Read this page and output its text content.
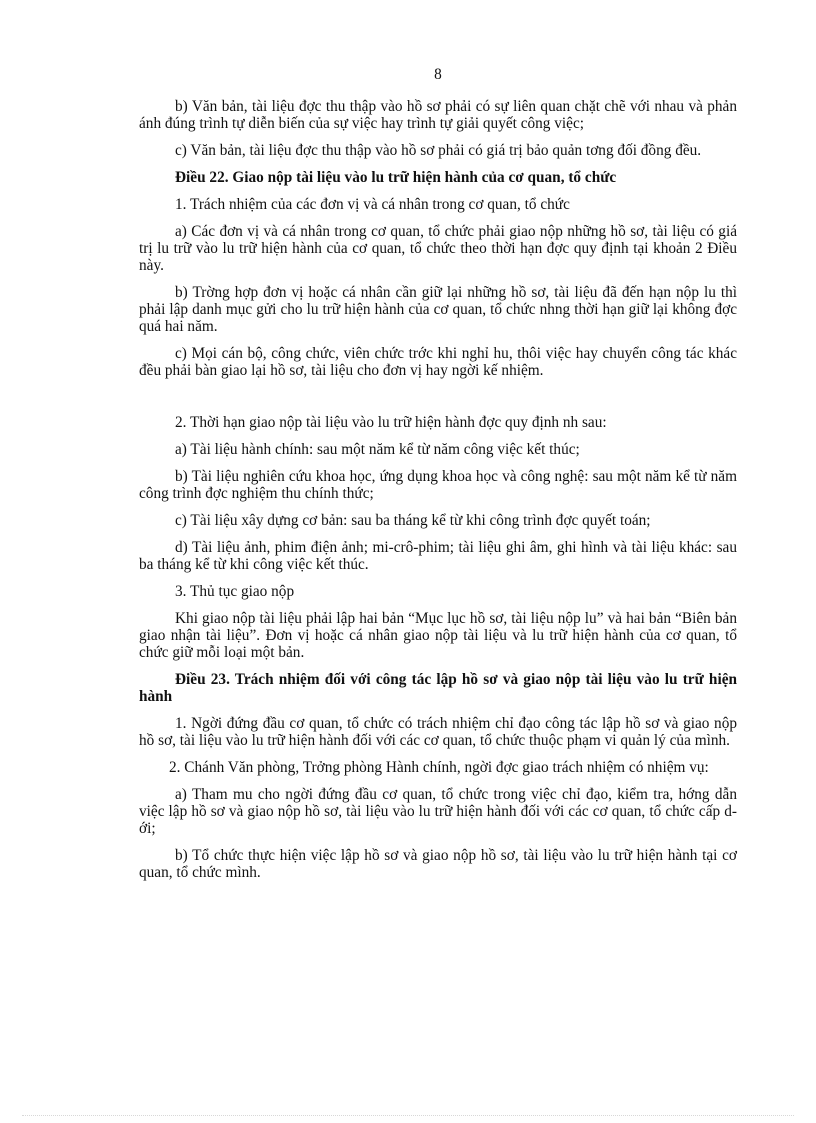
8

b) Văn bản, tài liệu đợc thu thập vào hồ sơ phải có sự liên quan chặt chẽ với nhau và phản ánh đúng trình tự diễn biến của sự việc hay trình tự giải quyết công việc;

c) Văn bản, tài liệu đợc thu thập vào hồ sơ phải có giá trị bảo quản tơng đối đồng đều.

Điều 22. Giao nộp tài liệu vào lu trữ hiện hành của cơ quan, tổ chức

1. Trách nhiệm của các đơn vị và cá nhân trong cơ quan, tổ chức

a) Các đơn vị và cá nhân trong cơ quan, tổ chức phải giao nộp những hồ sơ, tài liệu có giá trị lu trữ vào lu trữ hiện hành của cơ quan, tổ chức theo thời hạn đợc quy định tại khoản 2 Điều này.

b) Trờng hợp đơn vị hoặc cá nhân cần giữ lại những hồ sơ, tài liệu đã đến hạn nộp lu thì phải lập danh mục gửi cho lu trữ hiện hành của cơ quan, tổ chức nhng thời hạn giữ lại không đợc quá hai năm.

c) Mọi cán bộ, công chức, viên chức trớc khi nghỉ hu, thôi việc hay chuyển công tác khác đều phải bàn giao lại hồ sơ, tài liệu cho đơn vị hay ngời kế nhiệm.

2. Thời hạn giao nộp tài liệu vào lu trữ hiện hành đợc quy định nh sau:

a) Tài liệu hành chính: sau một năm kể từ năm công việc kết thúc;

b) Tài liệu nghiên cứu khoa học, ứng dụng khoa học và công nghệ: sau một năm kể từ năm công trình đợc nghiệm thu chính thức;

c) Tài liệu xây dựng cơ bản: sau ba tháng kể từ khi công trình đợc quyết toán;

d) Tài liệu ảnh, phim điện ảnh; mi-crô-phim; tài liệu ghi âm, ghi hình và tài liệu khác: sau ba tháng kể từ khi công việc kết thúc.

3. Thủ tục giao nộp

Khi giao nộp tài liệu phải lập hai bản “Mục lục hồ sơ, tài liệu nộp lu” và hai bản “Biên bản giao nhận tài liệu”. Đơn vị hoặc cá nhân giao nộp tài liệu và lu trữ hiện hành của cơ quan, tổ chức giữ mỗi loại một bản.

Điều 23. Trách nhiệm đối với công tác lập hồ sơ và giao nộp tài liệu vào lu trữ hiện hành

1. Ngời đứng đầu cơ quan, tổ chức có trách nhiệm chỉ đạo công tác lập hồ sơ và giao nộp hồ sơ, tài liệu vào lu trữ hiện hành đối với các cơ quan, tổ chức thuộc phạm vi quản lý của mình.

2. Chánh Văn phòng, Trởng phòng Hành chính, ngời đợc giao trách nhiệm có nhiệm vụ:

a) Tham mu cho ngời đứng đầu cơ quan, tổ chức trong việc chỉ đạo, kiểm tra, hớng dẫn việc lập hồ sơ và giao nộp hồ sơ, tài liệu vào lu trữ hiện hành đối với các cơ quan, tổ chức cấp dới;

b) Tổ chức thực hiện việc lập hồ sơ và giao nộp hồ sơ, tài liệu vào lu trữ hiện hành tại cơ quan, tổ chức mình.
